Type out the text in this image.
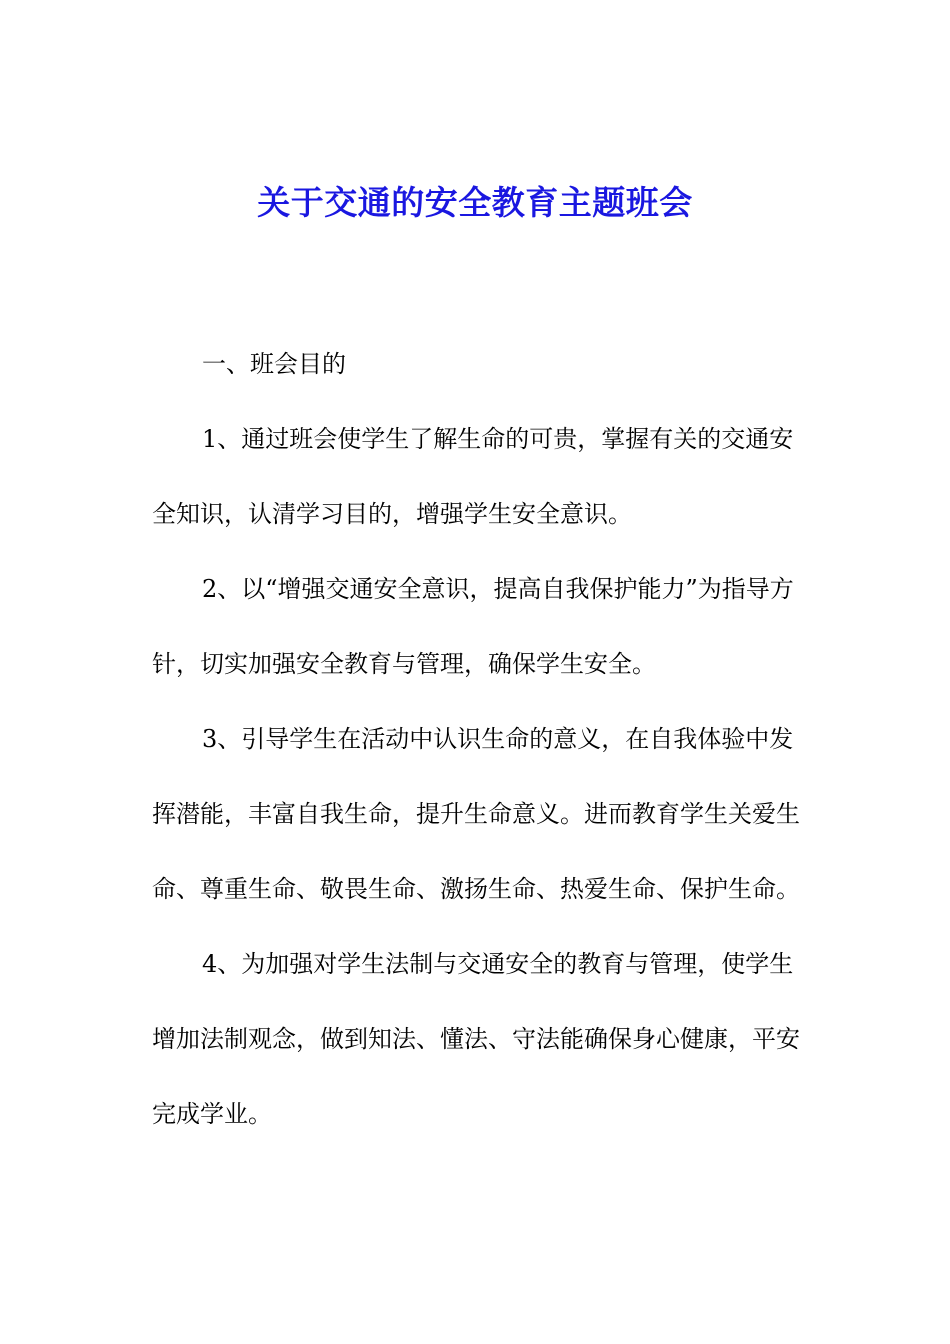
关于交通的安全教育主题班会

一、班会目的

1、通过班会使学生了解生命的可贵，掌握有关的交通安全知识，认清学习目的，增强学生安全意识。

2、以“增强交通安全意识，提高自我保护能力”为指导方针，切实加强安全教育与管理，确保学生安全。

3、引导学生在活动中认识生命的意义，在自我体验中发挥潜能，丰富自我生命，提升生命意义。进而教育学生关爱生命、尊重生命、敬畏生命、激扬生命、热爱生命、保护生命。

4、为加强对学生法制与交通安全的教育与管理，使学生增加法制观念，做到知法、懂法、守法能确保身心健康，平安完成学业。
